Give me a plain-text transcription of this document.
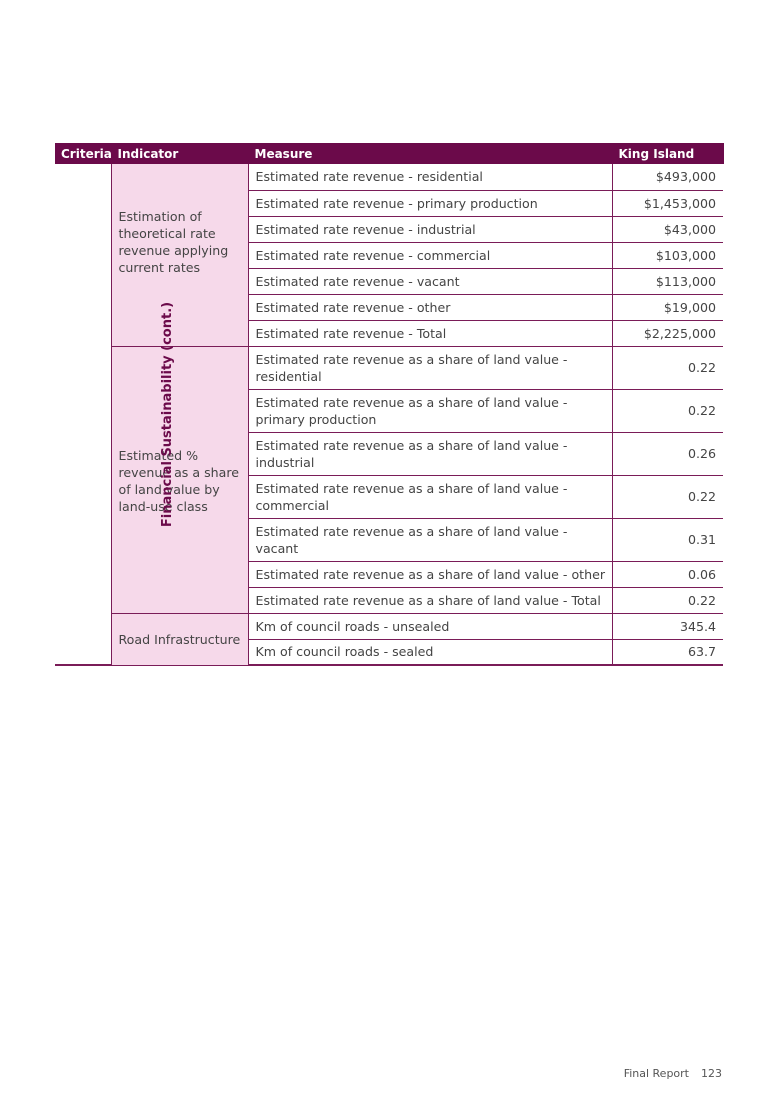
Criteria	Indicator	Measure	King Island
Financial Sustainability (cont.)	Estimation of theoretical rate revenue applying current rates	Estimated rate revenue - residential	$493,000
		Estimated rate revenue - primary production	$1,453,000
		Estimated rate revenue - industrial	$43,000
		Estimated rate revenue - commercial	$103,000
		Estimated rate revenue - vacant	$113,000
		Estimated rate revenue - other	$19,000
		Estimated rate revenue - Total	$2,225,000

	Estimated % revenue as a share of land value by land-use class	Estimated rate revenue as a share of land value - residential	0.22
		Estimated rate revenue as a share of land value - primary production	0.22
		Estimated rate revenue as a share of land value - industrial	0.26
		Estimated rate revenue as a share of land value - commercial	0.22
		Estimated rate revenue as a share of land value - vacant	0.31
		Estimated rate revenue as a share of land value - other	0.06
		Estimated rate revenue as a share of land value - Total	0.22

	Road Infrastructure	Km of council roads - unsealed	345.4
		Km of council roads - sealed	63.7
Final Report 123
